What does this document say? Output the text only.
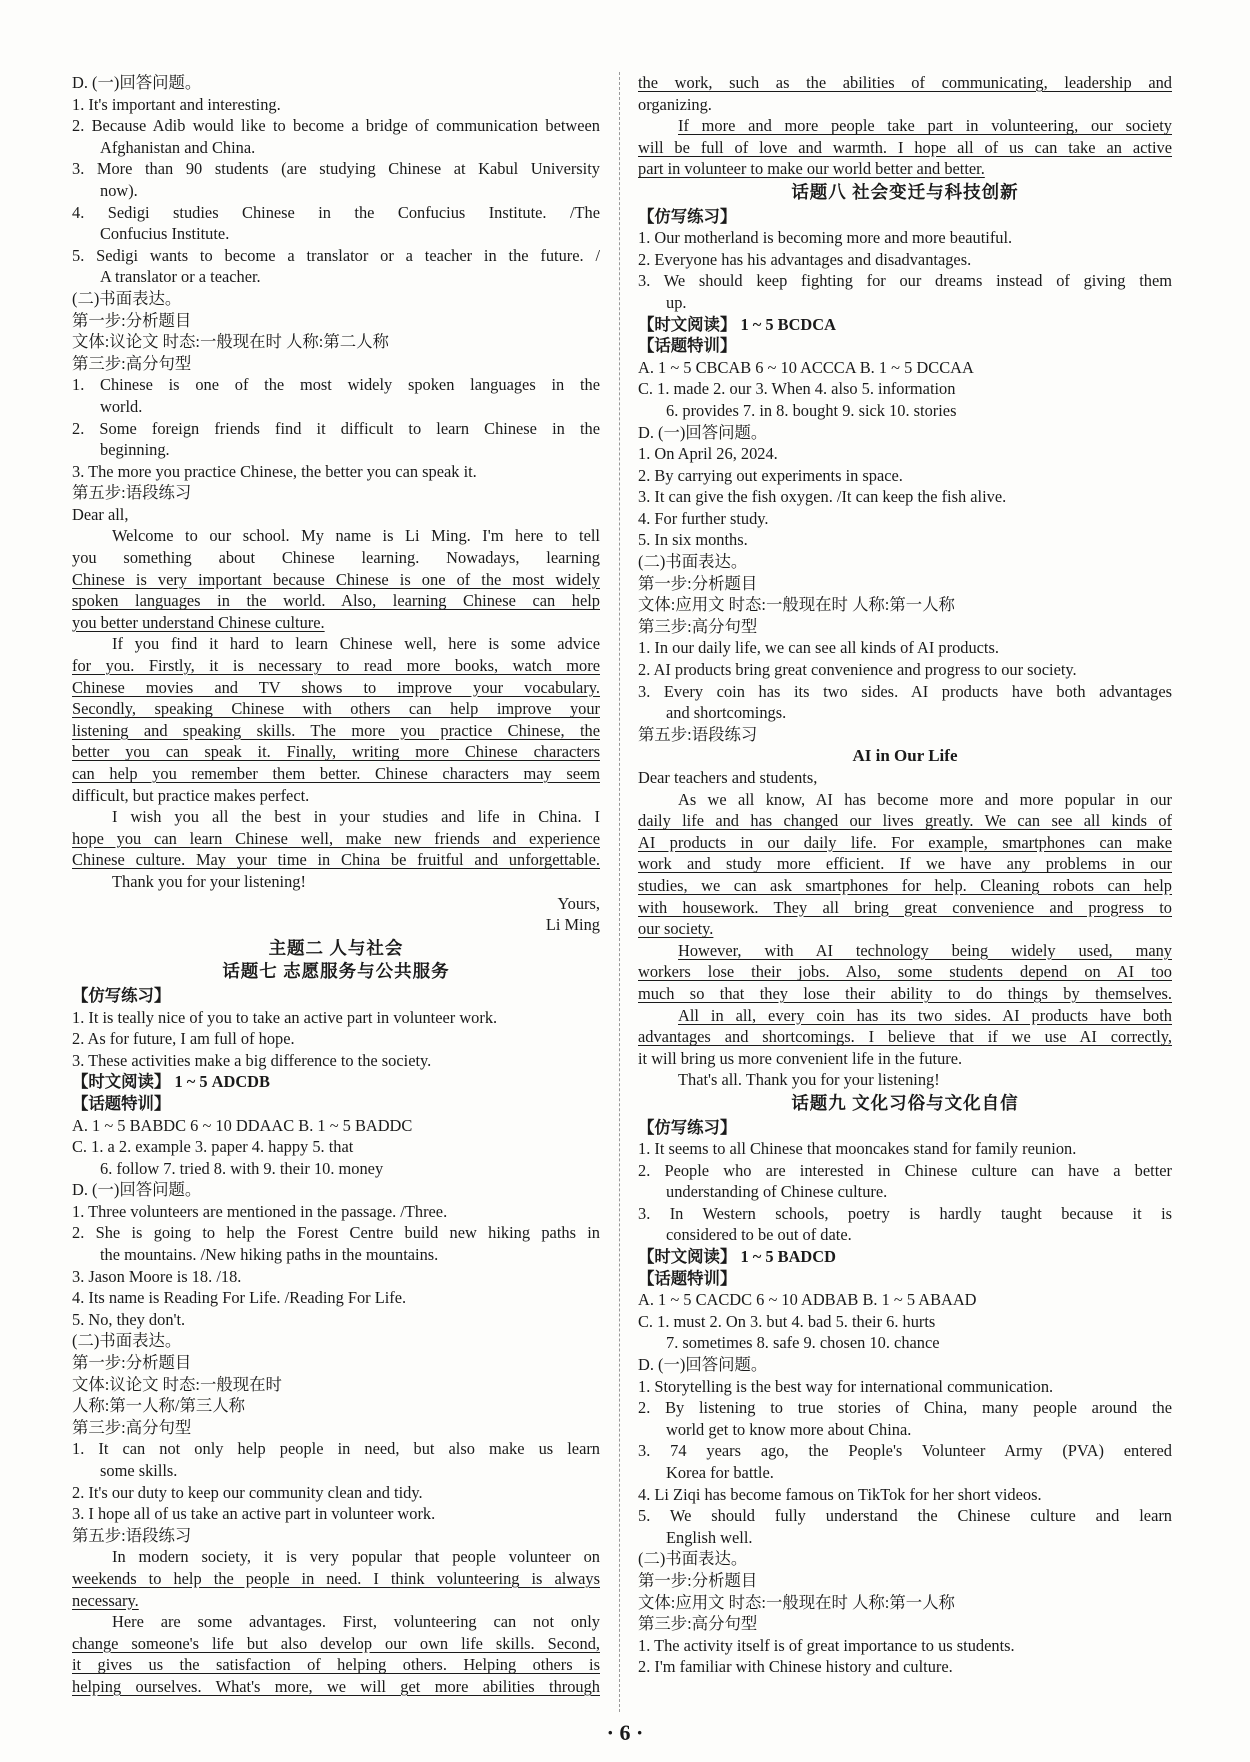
D. (一)回答问题。
1. It's important and interesting.
2. Because Adib would like to become a bridge of communication between
Afghanistan and China.
3. More than 90 students (are studying Chinese at Kabul University
now).
4. Sedigi studies Chinese in the Confucius Institute. /The
Confucius Institute.
5. Sedigi wants to become a translator or a teacher in the future. /
A translator or a teacher.
(二)书面表达。
第一步:分析题目
文体:议论文 时态:一般现在时 人称:第二人称
第三步:高分句型
1. Chinese is one of the most widely spoken languages in the
world.
2. Some foreign friends find it difficult to learn Chinese in the
beginning.
3. The more you practice Chinese, the better you can speak it.
第五步:语段练习
Dear all,
Welcome to our school. My name is Li Ming. I'm here to tell
you something about Chinese learning. Nowadays, learning
Chinese is very important because Chinese is one of the most widely
spoken languages in the world. Also, learning Chinese can help
you better understand Chinese culture.
If you find it hard to learn Chinese well, here is some advice
for you. Firstly, it is necessary to read more books, watch more
Chinese movies and TV shows to improve your vocabulary.
Secondly, speaking Chinese with others can help improve your
listening and speaking skills. The more you practice Chinese, the
better you can speak it. Finally, writing more Chinese characters
can help you remember them better. Chinese characters may seem
difficult, but practice makes perfect.
I wish you all the best in your studies and life in China. I
hope you can learn Chinese well, make new friends and experience
Chinese culture. May your time in China be fruitful and unforgettable.
Thank you for your listening!
Yours,
Li Ming
主题二 人与社会
话题七 志愿服务与公共服务
【仿写练习】
1. It is teally nice of you to take an active part in volunteer work.
2. As for future, I am full of hope.
3. These activities make a big difference to the society.
【时文阅读】 1 ~ 5 ADCDB
【话题特训】
A. 1 ~ 5 BABDC 6 ~ 10 DDAAC B. 1 ~ 5 BADDC
C. 1. a 2. example 3. paper 4. happy 5. that
6. follow 7. tried 8. with 9. their 10. money
D. (一)回答问题。
1. Three volunteers are mentioned in the passage. /Three.
2. She is going to help the Forest Centre build new hiking paths in
the mountains. /New hiking paths in the mountains.
3. Jason Moore is 18. /18.
4. Its name is Reading For Life. /Reading For Life.
5. No, they don't.
(二)书面表达。
第一步:分析题目
文体:议论文 时态:一般现在时
人称:第一人称/第三人称
第三步:高分句型
1. It can not only help people in need, but also make us learn
some skills.
2. It's our duty to keep our community clean and tidy.
3. I hope all of us take an active part in volunteer work.
第五步:语段练习
In modern society, it is very popular that people volunteer on
weekends to help the people in need. I think volunteering is always
necessary.
Here are some advantages. First, volunteering can not only
change someone's life but also develop our own life skills. Second,
it gives us the satisfaction of helping others. Helping others is
helping ourselves. What's more, we will get more abilities through
the work, such as the abilities of communicating, leadership and
organizing.
If more and more people take part in volunteering, our society
will be full of love and warmth. I hope all of us can take an active
part in volunteer to make our world better and better.
话题八 社会变迁与科技创新
【仿写练习】
1. Our motherland is becoming more and more beautiful.
2. Everyone has his advantages and disadvantages.
3. We should keep fighting for our dreams instead of giving them
up.
【时文阅读】 1 ~ 5 BCDCA
【话题特训】
A. 1 ~ 5 CBCAB 6 ~ 10 ACCCA B. 1 ~ 5 DCCAA
C. 1. made 2. our 3. When 4. also 5. information
6. provides 7. in 8. bought 9. sick 10. stories
D. (一)回答问题。
1. On April 26, 2024.
2. By carrying out experiments in space.
3. It can give the fish oxygen. /It can keep the fish alive.
4. For further study.
5. In six months.
(二)书面表达。
第一步:分析题目
文体:应用文 时态:一般现在时 人称:第一人称
第三步:高分句型
1. In our daily life, we can see all kinds of AI products.
2. AI products bring great convenience and progress to our society.
3. Every coin has its two sides. AI products have both advantages
and shortcomings.
第五步:语段练习
AI in Our Life
Dear teachers and students,
As we all know, AI has become more and more popular in our
daily life and has changed our lives greatly. We can see all kinds of
AI products in our daily life. For example, smartphones can make
work and study more efficient. If we have any problems in our
studies, we can ask smartphones for help. Cleaning robots can help
with housework. They all bring great convenience and progress to
our society.
However, with AI technology being widely used, many
workers lose their jobs. Also, some students depend on AI too
much so that they lose their ability to do things by themselves.
All in all, every coin has its two sides. AI products have both
advantages and shortcomings. I believe that if we use AI correctly,
it will bring us more convenient life in the future.
That's all. Thank you for your listening!
话题九 文化习俗与文化自信
【仿写练习】
1. It seems to all Chinese that mooncakes stand for family reunion.
2. People who are interested in Chinese culture can have a better
understanding of Chinese culture.
3. In Western schools, poetry is hardly taught because it is
considered to be out of date.
【时文阅读】 1 ~ 5 BADCD
【话题特训】
A. 1 ~ 5 CACDC 6 ~ 10 ADBAB B. 1 ~ 5 ABAAD
C. 1. must 2. On 3. but 4. bad 5. their 6. hurts
7. sometimes 8. safe 9. chosen 10. chance
D. (一)回答问题。
1. Storytelling is the best way for international communication.
2. By listening to true stories of China, many people around the
world get to know more about China.
3. 74 years ago, the People's Volunteer Army (PVA) entered
Korea for battle.
4. Li Ziqi has become famous on TikTok for her short videos.
5. We should fully understand the Chinese culture and learn
English well.
(二)书面表达。
第一步:分析题目
文体:应用文 时态:一般现在时 人称:第一人称
第三步:高分句型
1. The activity itself is of great importance to us students.
2. I'm familiar with Chinese history and culture.
· 6 ·
